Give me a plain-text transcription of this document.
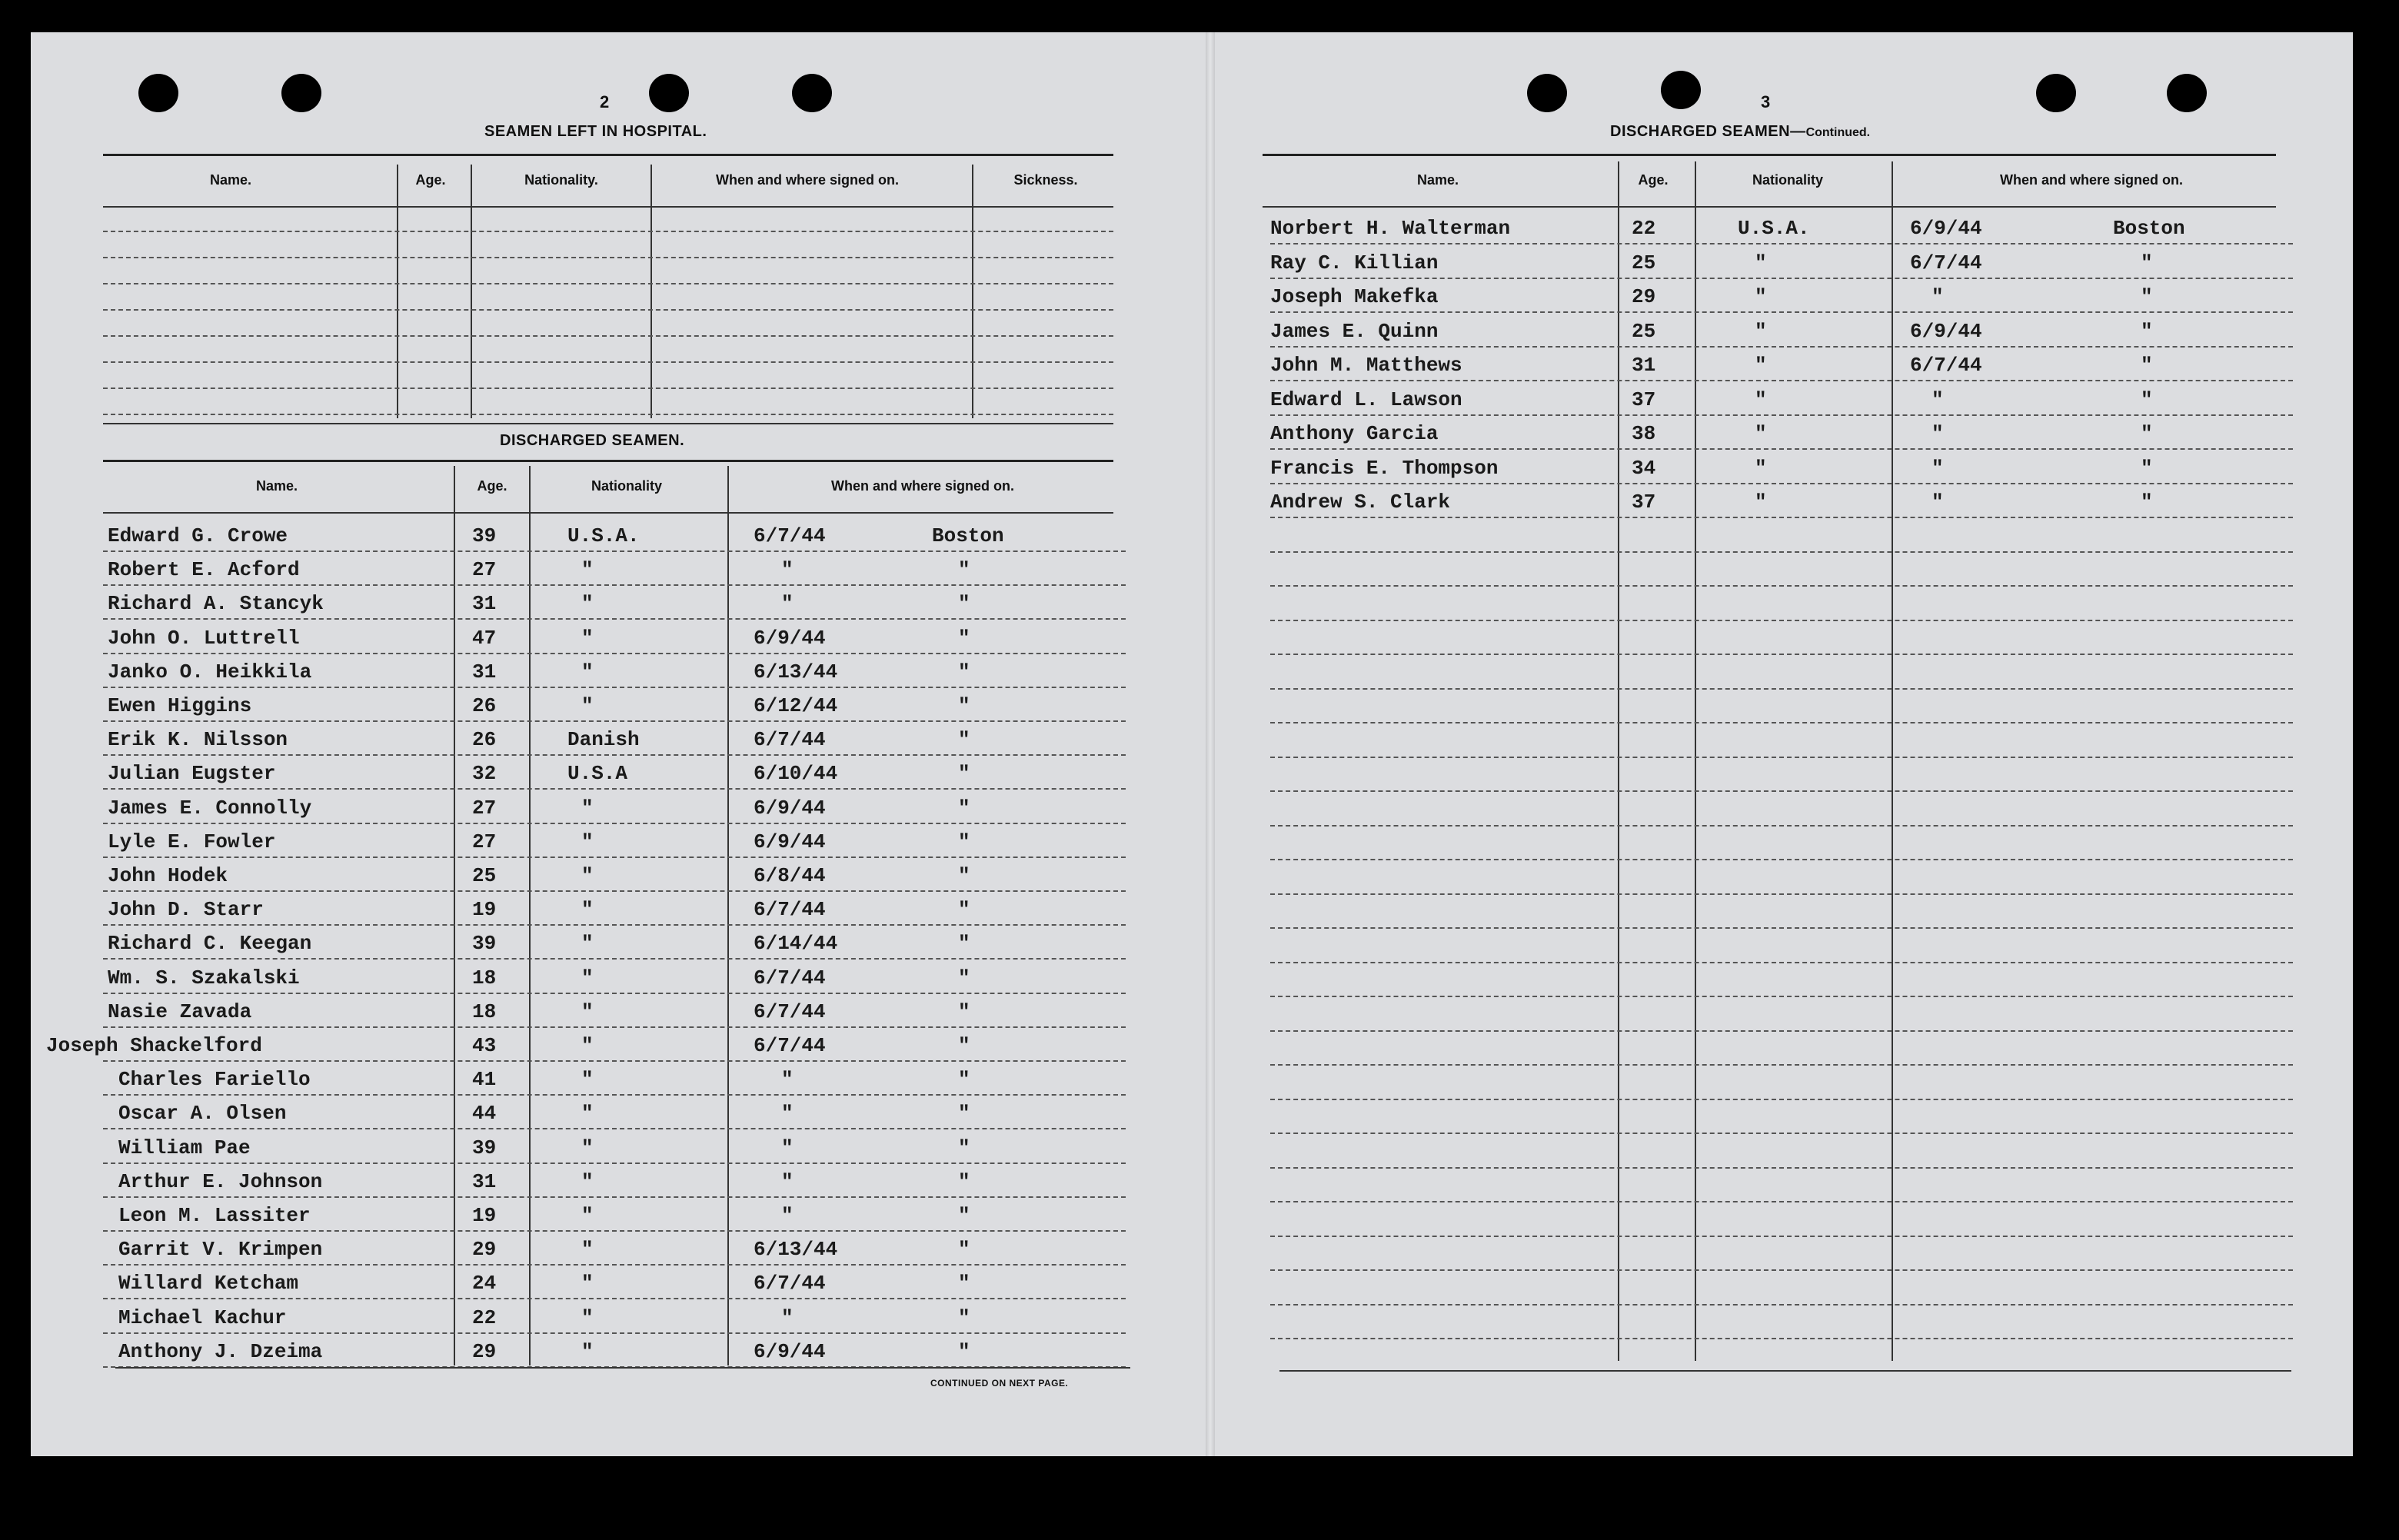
2
SEAMEN LEFT IN HOSPITAL.
Name.	Age.	Nationality.	When and where signed on.	Sickness.
DISCHARGED SEAMEN.
Name.	Age.	Nationality	When and where signed on.
Edward G. Crowe	39	U.S.A.	6/7/44	Boston
Robert E. Acford	27	"	"	"
Richard A. Stancyk	31	"	"	"
John O. Luttrell	47	"	6/9/44	"
Janko O. Heikkila	31	"	6/13/44	"
Ewen Higgins	26	"	6/12/44	"
Erik K. Nilsson	26	Danish	6/7/44	"
Julian Eugster	32	U.S.A	6/10/44	"
James E. Connolly	27	"	6/9/44	"
Lyle E. Fowler	27	"	6/9/44	"
John Hodek	25	"	6/8/44	"
John D. Starr	19	"	6/7/44	"
Richard C. Keegan	39	"	6/14/44	"
Wm. S. Szakalski	18	"	6/7/44	"
Nasie Zavada	18	"	6/7/44	"
Joseph Shackelford	43	"	6/7/44	"
Charles Fariello	41	"	"	"
Oscar A. Olsen	44	"	"	"
William Pae	39	"	"	"
Arthur E. Johnson	31	"	"	"
Leon M. Lassiter	19	"	"	"
Garrit V. Krimpen	29	"	6/13/44	"
Willard Ketcham	24	"	6/7/44	"
Michael Kachur	22	"	"	"
Anthony J. Dzeima	29	"	6/9/44	"
CONTINUED ON NEXT PAGE.
3
DISCHARGED SEAMEN—Continued.
Name.	Age.	Nationality	When and where signed on.
Norbert H. Walterman	22	U.S.A.	6/9/44	Boston
Ray C. Killian	25	"	6/7/44	"
Joseph Makefka	29	"	"	"
James E. Quinn	25	"	6/9/44	"
John M. Matthews	31	"	6/7/44	"
Edward L. Lawson	37	"	"	"
Anthony Garcia	38	"	"	"
Francis E. Thompson	34	"	"	"
Andrew S. Clark	37	"	"	"
